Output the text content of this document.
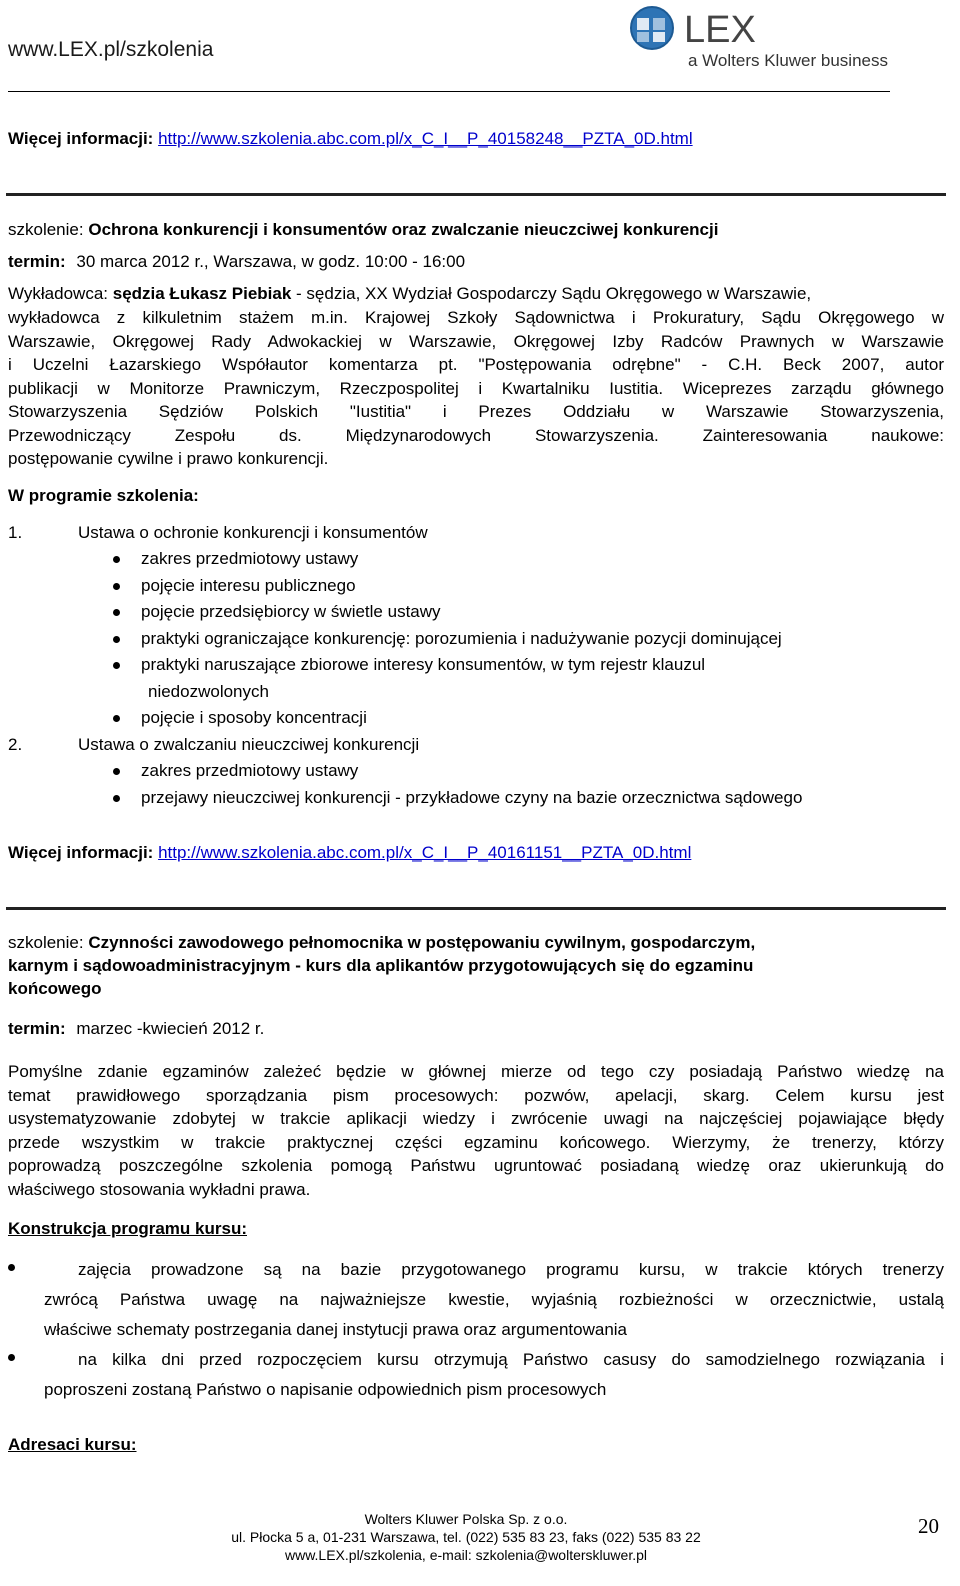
www.LEX.pl/szkolenia	LEX
a Wolters Kluwer business
Więcej informacji: http://www.szkolenia.abc.com.pl/x_C_I__P_40158248__PZTA_0D.html
szkolenie: Ochrona konkurencji i konsumentów oraz zwalczanie nieuczciwej konkurencji
termin: 30 marca 2012 r., Warszawa, w godz. 10:00 - 16:00
Wykładowca: sędzia Łukasz Piebiak - sędzia, XX Wydział Gospodarczy Sądu Okręgowego w Warszawie,
wykładowca z kilkuletnim stażem m.in. Krajowej Szkoły Sądownictwa i Prokuratury, Sądu Okręgowego w
Warszawie, Okręgowej Rady Adwokackiej w Warszawie, Okręgowej Izby Radców Prawnych w Warszawie
i Uczelni Łazarskiego Współautor komentarza pt. "Postępowania odrębne" - C.H. Beck 2007, autor
publikacji w Monitorze Prawniczym, Rzeczpospolitej i Kwartalniku Iustitia. Wiceprezes zarządu głównego
Stowarzyszenia Sędziów Polskich "Iustitia" i Prezes Oddziału w Warszawie Stowarzyszenia,
Przewodniczący Zespołu ds. Międzynarodowych Stowarzyszenia. Zainteresowania naukowe:
postępowanie cywilne i prawo konkurencji.
W programie szkolenia:
1.	Ustawa o ochronie konkurencji i konsumentów
zakres przedmiotowy ustawy
pojęcie interesu publicznego
pojęcie przedsiębiorcy w świetle ustawy
praktyki ograniczające konkurencję: porozumienia i nadużywanie pozycji dominującej
praktyki naruszające zbiorowe interesy konsumentów, w tym rejestr klauzul
niedozwolonych
pojęcie i sposoby koncentracji
2.	Ustawa o zwalczaniu nieuczciwej konkurencji
zakres przedmiotowy ustawy
przejawy nieuczciwej konkurencji - przykładowe czyny na bazie orzecznictwa sądowego
Więcej informacji: http://www.szkolenia.abc.com.pl/x_C_I__P_40161151__PZTA_0D.html
szkolenie: Czynności zawodowego pełnomocnika w postępowaniu cywilnym, gospodarczym,
karnym i sądowoadministracyjnym - kurs dla aplikantów przygotowujących się do egzaminu
końcowego
termin: marzec -kwiecień 2012 r.
Pomyślne zdanie egzaminów zależeć będzie w głównej mierze od tego czy posiadają Państwo wiedzę na
temat prawidłowego sporządzania pism procesowych: pozwów, apelacji, skarg. Celem kursu jest
usystematyzowanie zdobytej w trakcie aplikacji wiedzy i zwrócenie uwagi na najczęściej pojawiające błędy
przede wszystkim w trakcie praktycznej części egzaminu końcowego. Wierzymy, że trenerzy, którzy
poprowadzą poszczególne szkolenia pomogą Państwu ugruntować posiadaną wiedzę oraz ukierunkują do
właściwego stosowania wykładni prawa.
Konstrukcja programu kursu:
zajęcia prowadzone są na bazie przygotowanego programu kursu, w trakcie których trenerzy
zwrócą Państwa uwagę na najważniejsze kwestie, wyjaśnią rozbieżności w orzecznictwie, ustalą
właściwe schematy postrzegania danej instytucji prawa oraz argumentowania
na kilka dni przed rozpoczęciem kursu otrzymują Państwo casusy do samodzielnego rozwiązania i
poproszeni zostaną Państwo o napisanie odpowiednich pism procesowych
Adresaci kursu:
Wolters Kluwer Polska Sp. z o.o.
ul. Płocka 5 a, 01-231 Warszawa, tel. (022) 535 83 23, faks (022) 535 83 22
www.LEX.pl/szkolenia, e-mail: szkolenia@wolterskluwer.pl
20
